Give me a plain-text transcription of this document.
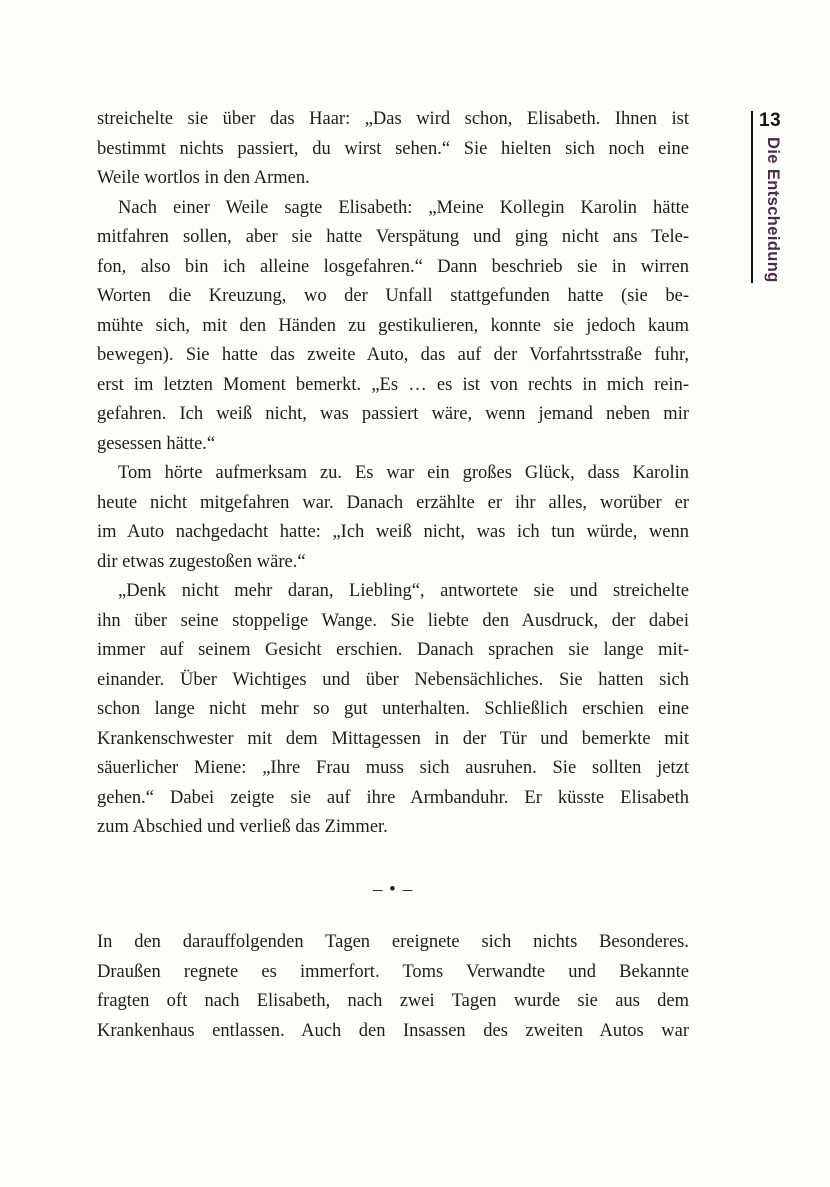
streichelte sie über das Haar: „Das wird schon, Elisabeth. Ihnen ist
bestimmt nichts passiert, du wirst sehen.“ Sie hielten sich noch eine
Weile wortlos in den Armen.
Nach einer Weile sagte Elisabeth: „Meine Kollegin Karolin hätte
mitfahren sollen, aber sie hatte Verspätung und ging nicht ans Tele-
fon, also bin ich alleine losgefahren.“ Dann beschrieb sie in wirren
Worten die Kreuzung, wo der Unfall stattgefunden hatte (sie be-
mühte sich, mit den Händen zu gestikulieren, konnte sie jedoch kaum
bewegen). Sie hatte das zweite Auto, das auf der Vorfahrtsstraße fuhr,
erst im letzten Moment bemerkt. „Es … es ist von rechts in mich rein-
gefahren. Ich weiß nicht, was passiert wäre, wenn jemand neben mir
gesessen hätte.“
Tom hörte aufmerksam zu. Es war ein großes Glück, dass Karolin
heute nicht mitgefahren war. Danach erzählte er ihr alles, worüber er
im Auto nachgedacht hatte: „Ich weiß nicht, was ich tun würde, wenn
dir etwas zugestoßen wäre.“
„Denk nicht mehr daran, Liebling“, antwortete sie und streichelte
ihn über seine stoppelige Wange. Sie liebte den Ausdruck, der dabei
immer auf seinem Gesicht erschien. Danach sprachen sie lange mit-
einander. Über Wichtiges und über Nebensächliches. Sie hatten sich
schon lange nicht mehr so gut unterhalten. Schließlich erschien eine
Krankenschwester mit dem Mittagessen in der Tür und bemerkte mit
säuerlicher Miene: „Ihre Frau muss sich ausruhen. Sie sollten jetzt
gehen.“ Dabei zeigte sie auf ihre Armbanduhr. Er küsste Elisabeth
zum Abschied und verließ das Zimmer.
– • –
In den darauffolgenden Tagen ereignete sich nichts Besonderes.
Draußen regnete es immerfort. Toms Verwandte und Bekannte
fragten oft nach Elisabeth, nach zwei Tagen wurde sie aus dem
Krankenhaus entlassen. Auch den Insassen des zweiten Autos war
13
Die Entscheidung
